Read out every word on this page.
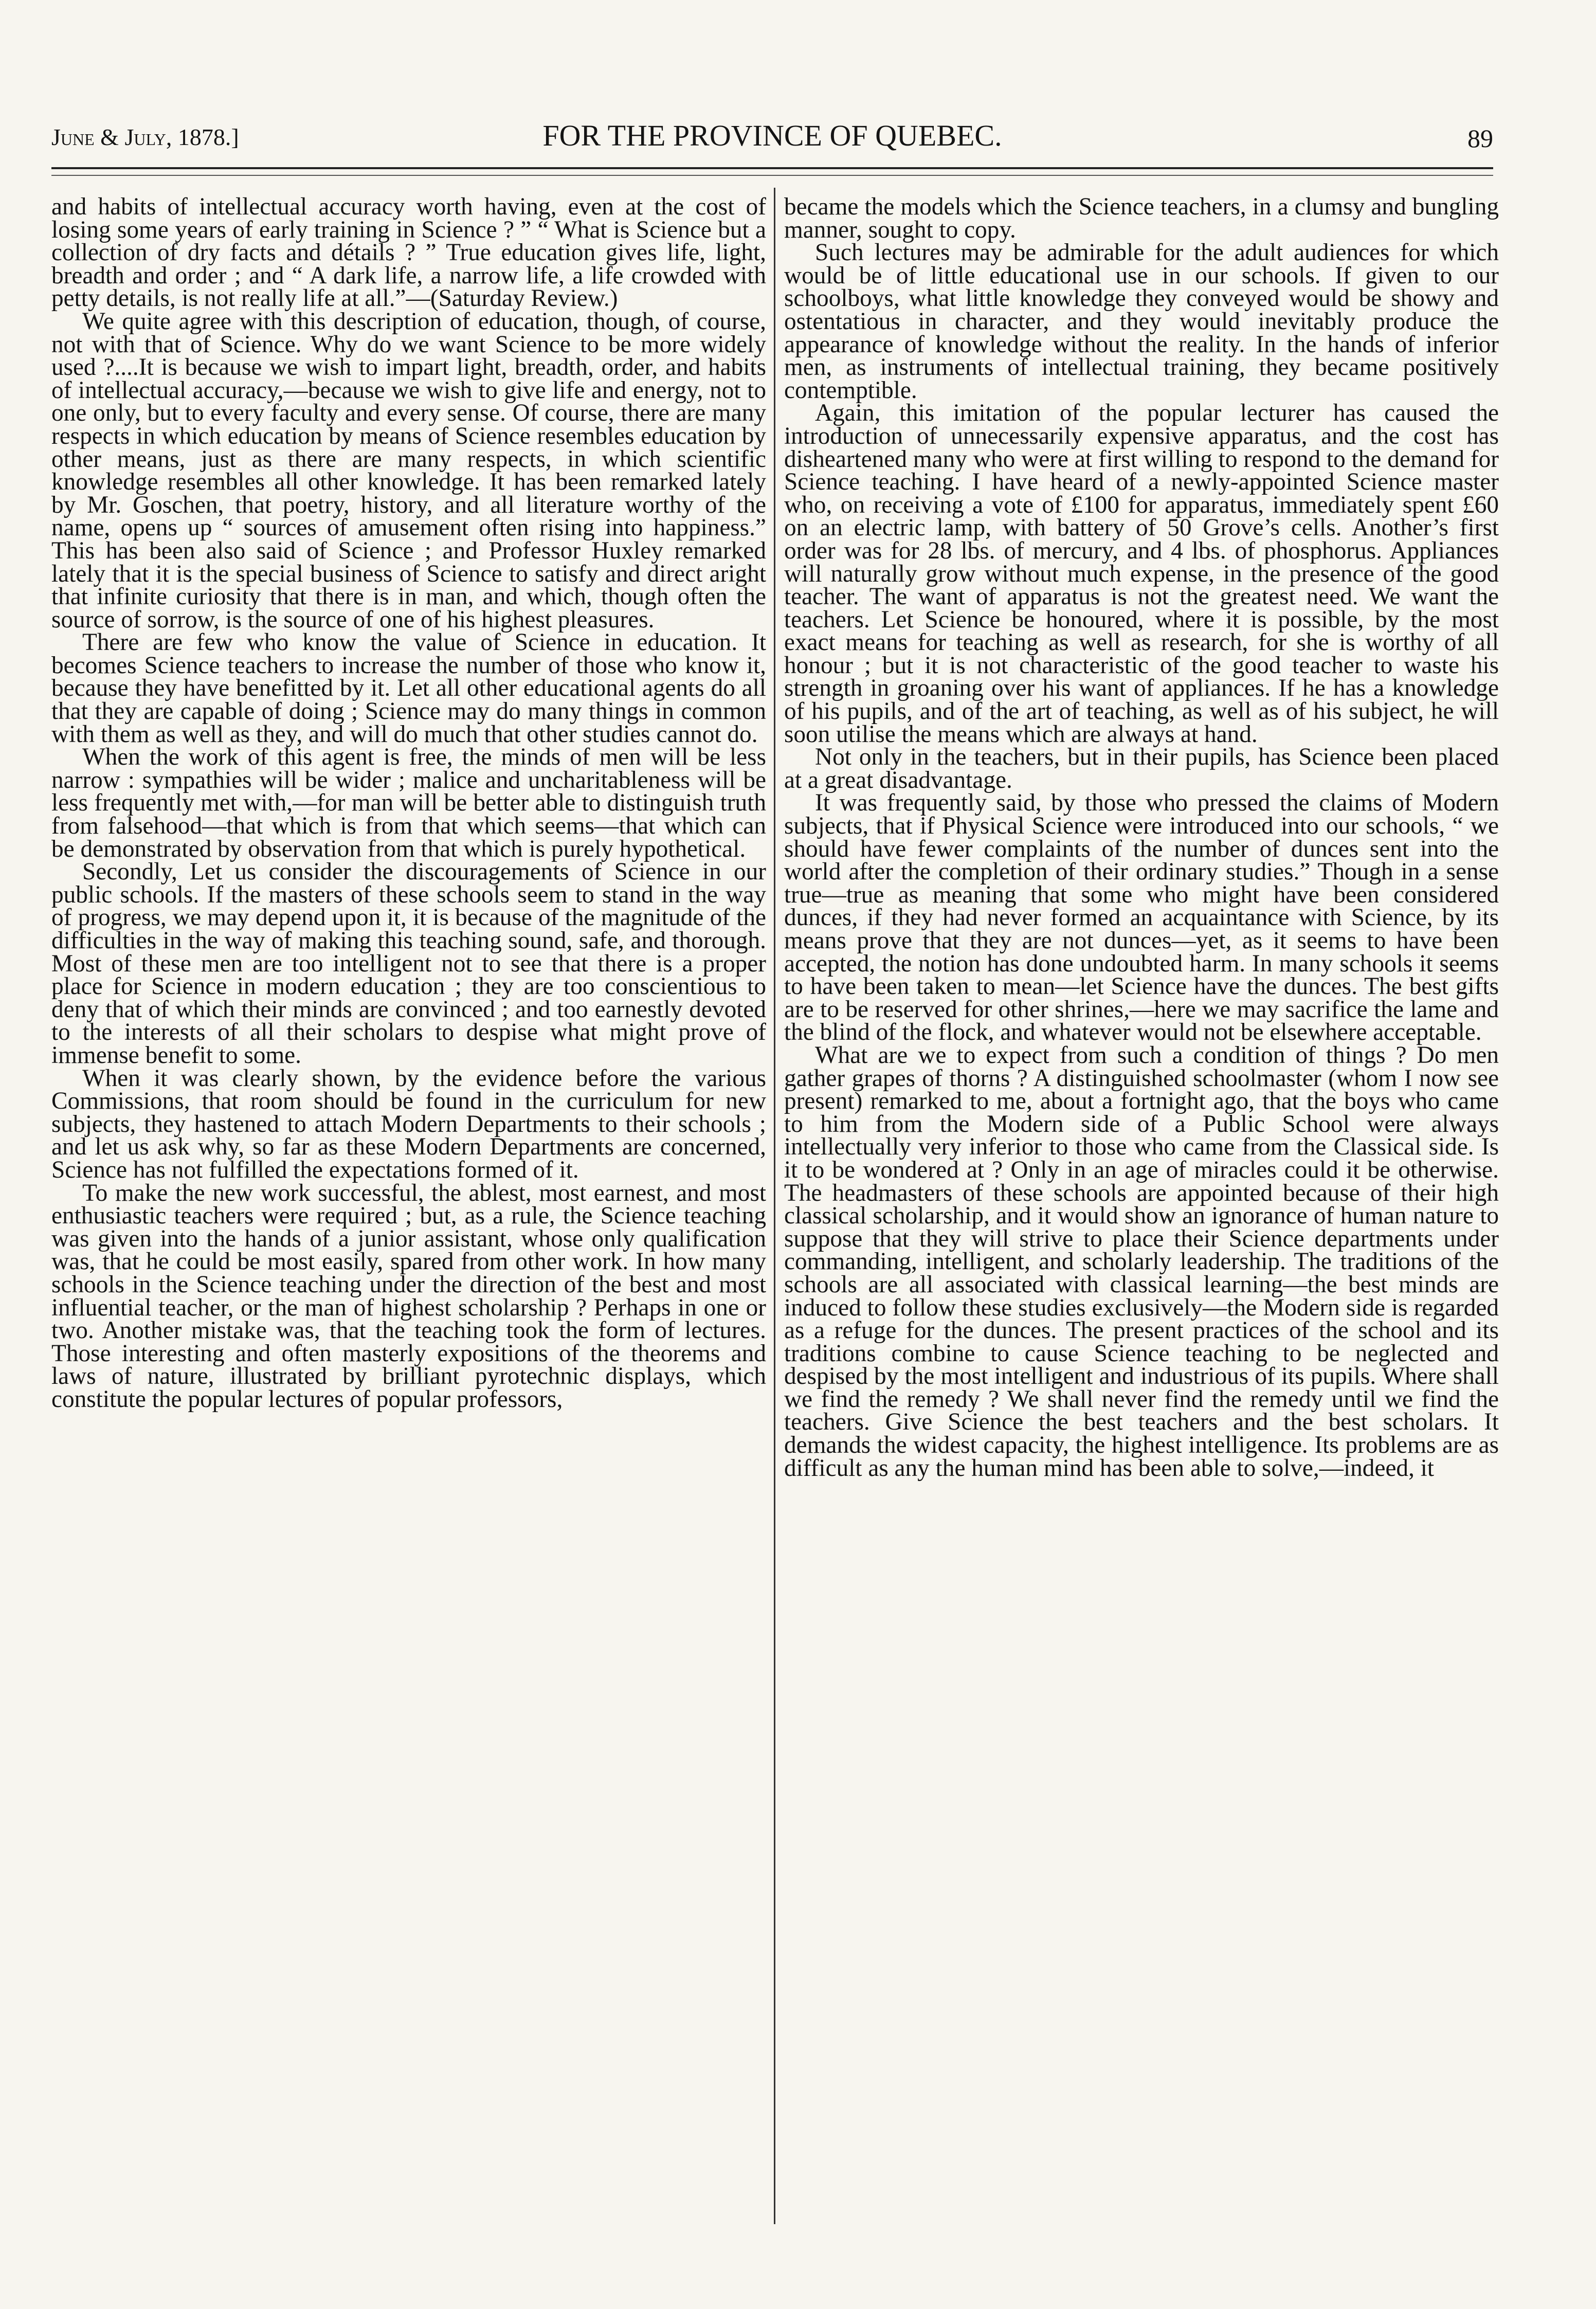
June & July, 1878.]	FOR THE PROVINCE OF QUEBEC.	89

and habits of intellectual accuracy worth having, even at the cost of losing some years of early training in Science ? ” “ What is Science but a collection of dry facts and détails ? ” True education gives life, light, breadth and order ; and “ A dark life, a narrow life, a life crowded with petty details, is not really life at all.”—(Saturday Review.)

We quite agree with this description of education, though, of course, not with that of Science. Why do we want Science to be more widely used ?....It is because we wish to impart light, breadth, order, and habits of intellectual accuracy,—because we wish to give life and energy, not to one only, but to every faculty and every sense. Of course, there are many respects in which education by means of Science resembles education by other means, just as there are many respects, in which scientific knowledge resembles all other knowledge. It has been remarked lately by Mr. Goschen, that poetry, history, and all literature worthy of the name, opens up “ sources of amusement often rising into happiness.” This has been also said of Science ; and Professor Huxley remarked lately that it is the special business of Science to satisfy and direct aright that infinite curiosity that there is in man, and which, though often the source of sorrow, is the source of one of his highest pleasures.

There are few who know the value of Science in education. It becomes Science teachers to increase the number of those who know it, because they have benefitted by it. Let all other educational agents do all that they are capable of doing ; Science may do many things in common with them as well as they, and will do much that other studies cannot do.

When the work of this agent is free, the minds of men will be less narrow : sympathies will be wider ; malice and uncharitableness will be less frequently met with,—for man will be better able to distinguish truth from falsehood—that which is from that which seems—that which can be demonstrated by observation from that which is purely hypothetical.

Secondly, Let us consider the discouragements of Science in our public schools. If the masters of these schools seem to stand in the way of progress, we may depend upon it, it is because of the magnitude of the difficulties in the way of making this teaching sound, safe, and thorough. Most of these men are too intelligent not to see that there is a proper place for Science in modern education ; they are too conscientious to deny that of which their minds are convinced ; and too earnestly devoted to the interests of all their scholars to despise what might prove of immense benefit to some.

When it was clearly shown, by the evidence before the various Commissions, that room should be found in the curriculum for new subjects, they hastened to attach Modern Departments to their schools ; and let us ask why, so far as these Modern Departments are concerned, Science has not fulfilled the expectations formed of it.

To make the new work successful, the ablest, most earnest, and most enthusiastic teachers were required ; but, as a rule, the Science teaching was given into the hands of a junior assistant, whose only qualification was, that he could be most easily, spared from other work. In how many schools in the Science teaching under the direction of the best and most influential teacher, or the man of highest scholarship ? Perhaps in one or two. Another mistake was, that the teaching took the form of lectures. Those interesting and often masterly expositions of the theorems and laws of nature, illustrated by brilliant pyrotechnic displays, which constitute the popular lectures of popular professors,

became the models which the Science teachers, in a clumsy and bungling manner, sought to copy.

Such lectures may be admirable for the adult audiences for which would be of little educational use in our schools. If given to our schoolboys, what little knowledge they conveyed would be showy and ostentatious in character, and they would inevitably produce the appearance of knowledge without the reality. In the hands of inferior men, as instruments of intellectual training, they became positively contemptible.

Again, this imitation of the popular lecturer has caused the introduction of unnecessarily expensive apparatus, and the cost has disheartened many who were at first willing to respond to the demand for Science teaching. I have heard of a newly-appointed Science master who, on receiving a vote of £100 for apparatus, immediately spent £60 on an electric lamp, with battery of 50 Grove’s cells. Another’s first order was for 28 lbs. of mercury, and 4 lbs. of phosphorus. Appliances will naturally grow without much expense, in the presence of the good teacher. The want of apparatus is not the greatest need. We want the teachers. Let Science be honoured, where it is possible, by the most exact means for teaching as well as research, for she is worthy of all honour ; but it is not characteristic of the good teacher to waste his strength in groaning over his want of appliances. If he has a knowledge of his pupils, and of the art of teaching, as well as of his subject, he will soon utilise the means which are always at hand.

Not only in the teachers, but in their pupils, has Science been placed at a great disadvantage.

It was frequently said, by those who pressed the claims of Modern subjects, that if Physical Science were introduced into our schools, “ we should have fewer complaints of the number of dunces sent into the world after the completion of their ordinary studies.” Though in a sense true—true as meaning that some who might have been considered dunces, if they had never formed an acquaintance with Science, by its means prove that they are not dunces—yet, as it seems to have been accepted, the notion has done undoubted harm. In many schools it seems to have been taken to mean—let Science have the dunces. The best gifts are to be reserved for other shrines,—here we may sacrifice the lame and the blind of the flock, and whatever would not be elsewhere acceptable.

What are we to expect from such a condition of things ? Do men gather grapes of thorns ? A distinguished schoolmaster (whom I now see present) remarked to me, about a fortnight ago, that the boys who came to him from the Modern side of a Public School were always intellectually very inferior to those who came from the Classical side. Is it to be wondered at ? Only in an age of miracles could it be otherwise. The headmasters of these schools are appointed because of their high classical scholarship, and it would show an ignorance of human nature to suppose that they will strive to place their Science departments under commanding, intelligent, and scholarly leadership. The traditions of the schools are all associated with classical learning—the best minds are induced to follow these studies exclusively—the Modern side is regarded as a refuge for the dunces. The present practices of the school and its traditions combine to cause Science teaching to be neglected and despised by the most intelligent and industrious of its pupils. Where shall we find the remedy ? We shall never find the remedy until we find the teachers. Give Science the best teachers and the best scholars. It demands the widest capacity, the highest intelligence. Its problems are as difficult as any the human mind has been able to solve,—indeed, it
